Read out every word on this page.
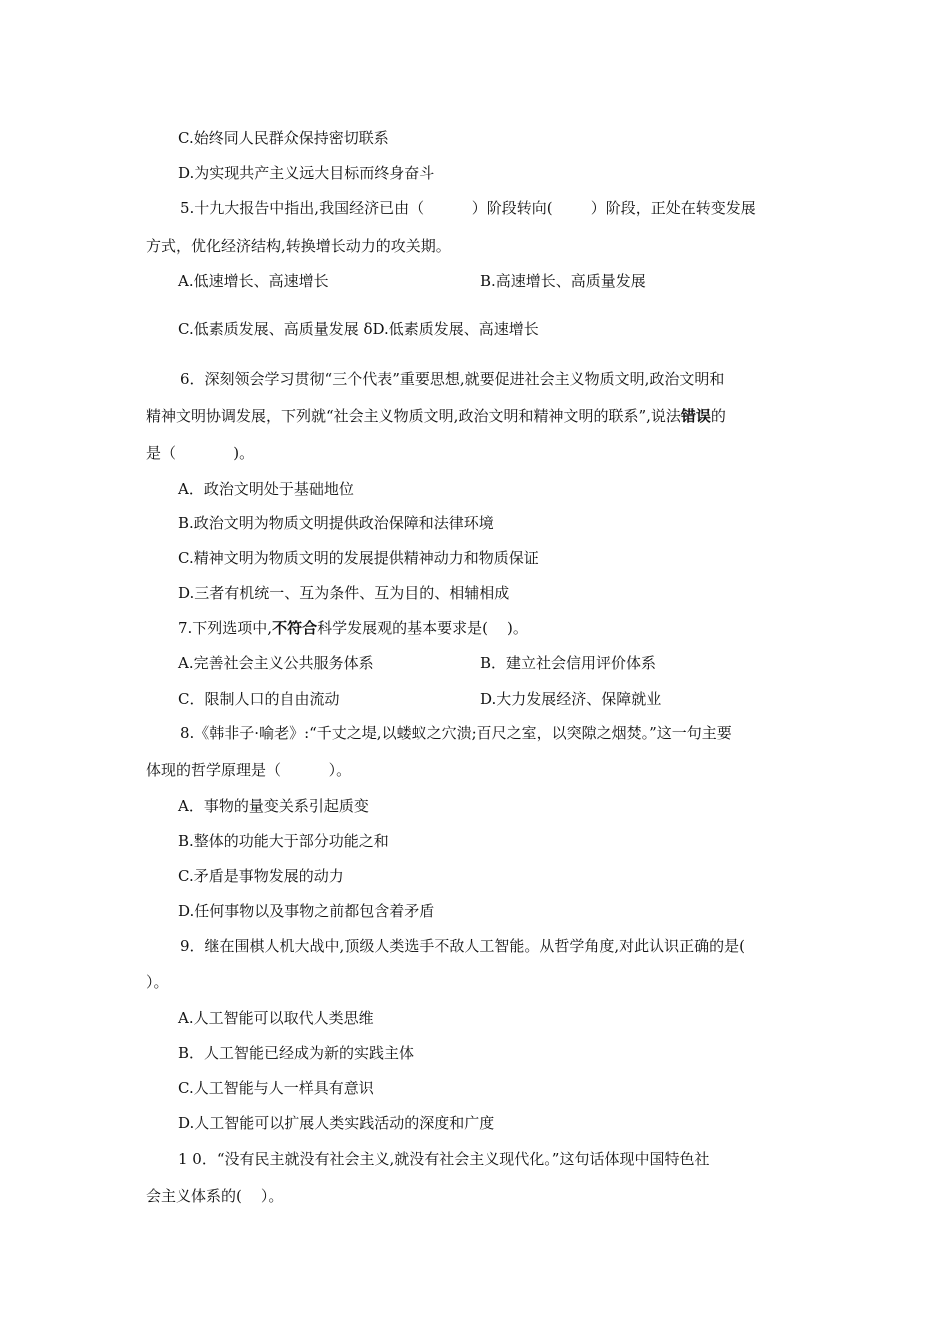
C.始终同人民群众保持密切联系
D.为实现共产主义远大目标而终身奋斗
5.十九大报告中指出,我国经济已由（          ）阶段转向(        ）阶段，正处在转变发展
方式，优化经济结构,转换增长动力的攻关期。
A.低速增长、高速增长	B.高速增长、高质量发展
C.低素质发展、高质量发展 δD.低素质发展、高速增长
6．深刻领会学习贯彻“三个代表”重要思想,就要促进社会主义物质文明,政治文明和
精神文明协调发展，下列就“社会主义物质文明,政治文明和精神文明的联系”,说法错误的
是（            )。
A．政治文明处于基础地位
B.政治文明为物质文明提供政治保障和法律环境
C.精神文明为物质文明的发展提供精神动力和物质保证
D.三者有机统一、互为条件、互为目的、相辅相成
7.下列选项中,不符合科学发展观的基本要求是(    )。
A.完善社会主义公共服务体系	B．建立社会信用评价体系
C．限制人口的自由流动	D.大力发展经济、保障就业
8.《韩非子·喻老》:“千丈之堤,以蝼蚁之穴溃;百尺之室，以突隙之烟焚。”这一句主要
体现的哲学原理是（          ）。
A．事物的量变关系引起质变
B.整体的功能大于部分功能之和
C.矛盾是事物发展的动力
D.任何事物以及事物之前都包含着矛盾
9．继在围棋人机大战中,顶级人类选手不敌人工智能。从哲学角度,对此认识正确的是(
）。
A.人工智能可以取代人类思维
B．人工智能已经成为新的实践主体
C.人工智能与人一样具有意识
D.人工智能可以扩展人类实践活动的深度和广度
1 0．“没有民主就没有社会主义,就没有社会主义现代化。”这句话体现中国特色社
会主义体系的(    ）。
